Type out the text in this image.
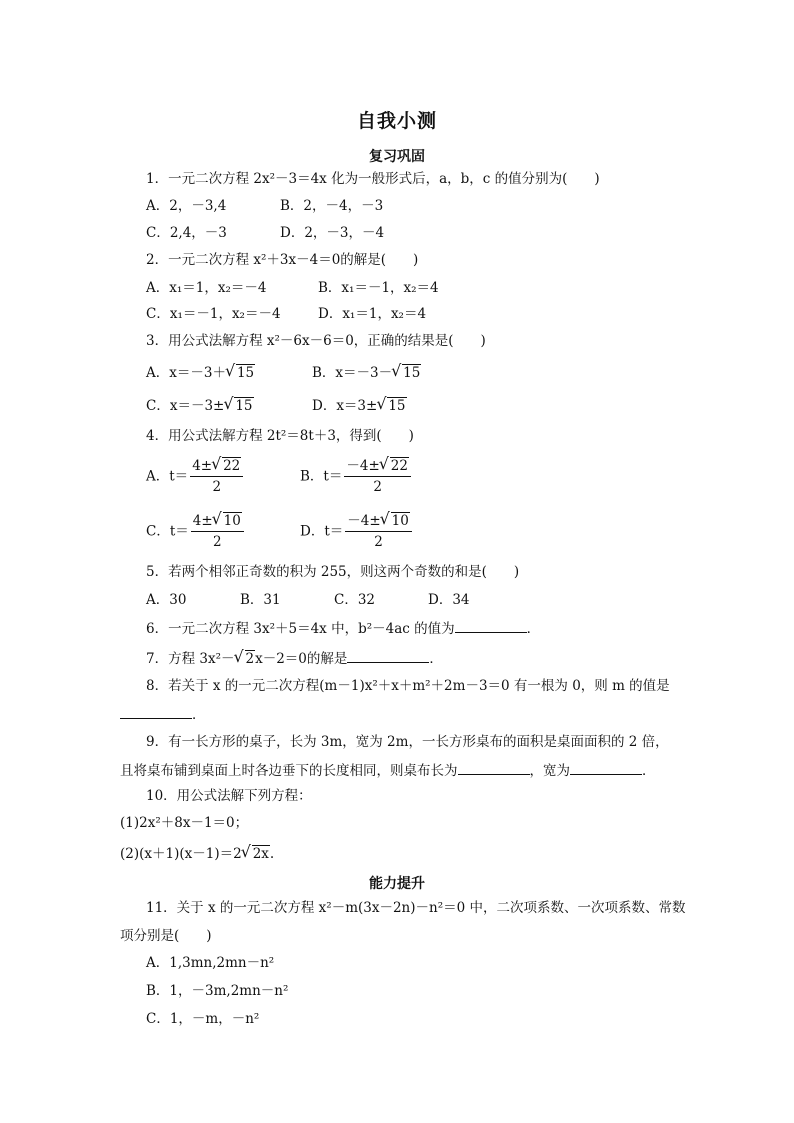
自我小测
复习巩固
1．一元二次方程 2x²－3＝4x 化为一般形式后，a，b，c 的值分别为(　　)
A．2，－3,4	B．2，－4，－3
C．2,4，－3	D．2，－3，－4
2．一元二次方程 x²＋3x－4＝0的解是(　　)
A．x₁＝1，x₂＝－4	B．x₁＝－1，x₂＝4
C．x₁＝－1，x₂＝－4	D．x₁＝1，x₂＝4
3．用公式法解方程 x²－6x－6＝0，正确的结果是(　　)
A．x＝－3＋ √ 15	B．x＝－3－ √ 15
C．x＝－3± √ 15	D．x＝3± √ 15
4．用公式法解方程 2t²＝8t＋3，得到(　　)
A．$t= \frac{4\pm √ 22}{2}$	B．$t= \frac{-4\pm √ 22}{2}$
C．$t= \frac{4\pm √ 10}{2}$	D．$t= \frac{-4\pm √ 10}{2}$
5．若两个相邻正奇数的积为 255，则这两个奇数的和是(　　)
A．30	B．31	C．32	D．34
6．一元二次方程 3x²＋5＝4x 中，b²－4ac 的值为	．
7．方程 3x²－ √ 2x－2＝0的解是	．
8．若关于 x 的一元二次方程(m－1)x²＋x＋m²＋2m－3＝0 有一根为 0，则 m 的值是
．
9．有一长方形的桌子，长为 3m，宽为 2m，一长方形桌布的面积是桌面面积的 2 倍，
且将桌布铺到桌面上时各边垂下的长度相同，则桌布长为	，宽为	．
10．用公式法解下列方程：
(1)2x²＋8x－1＝0；
(2)(x＋1)(x－1)＝2 √ 2x.
能力提升
11．关于 x 的一元二次方程 x²－m(3x－2n)－n²＝0 中，二次项系数、一次项系数、常数
项分别是(　　)
A．1,3mn,2mn－n²
B．1，－3m,2mn－n²
C．1，－m，－n²
